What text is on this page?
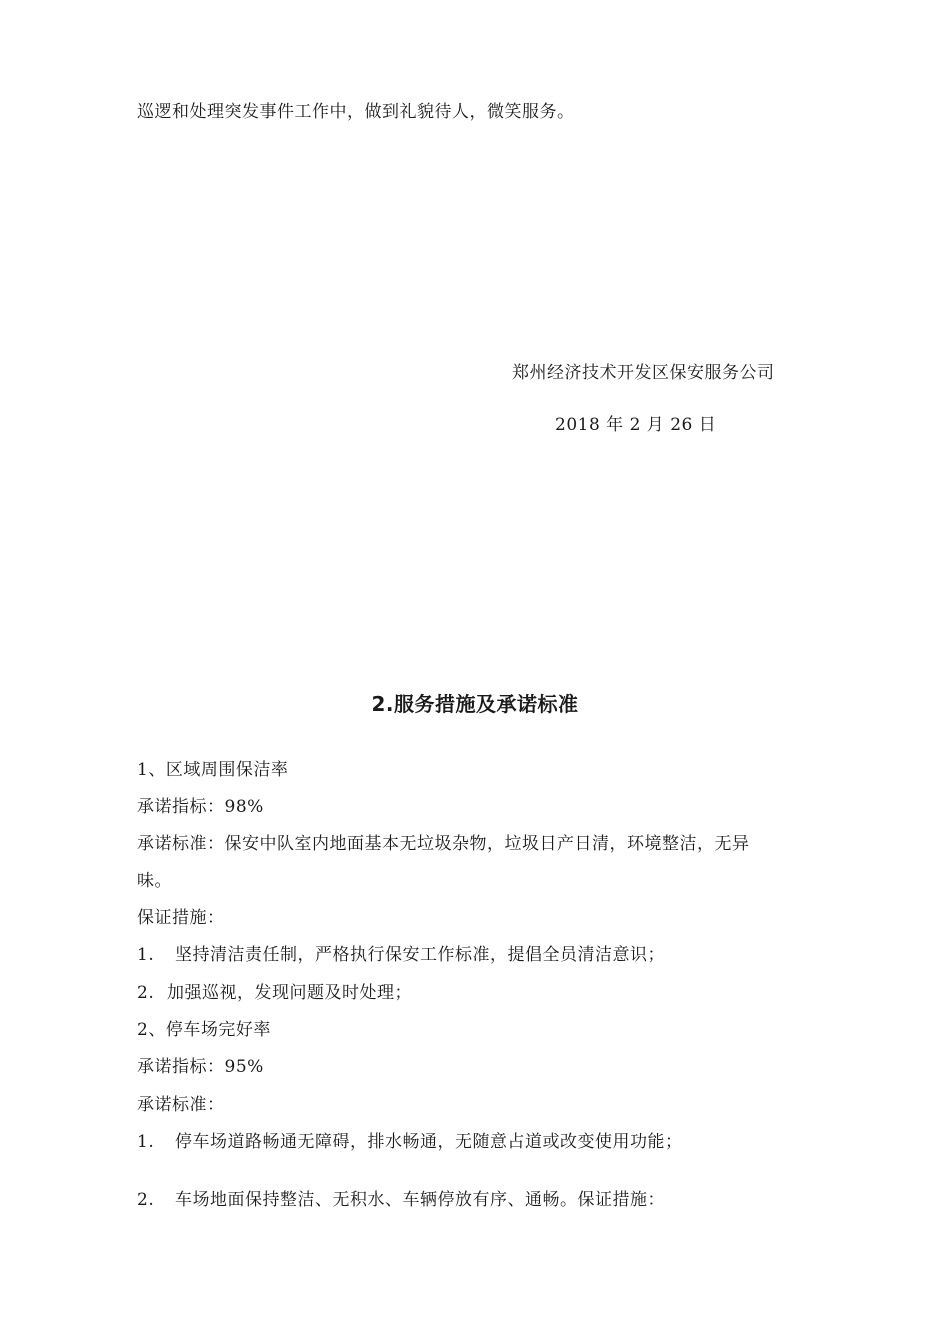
巡逻和处理突发事件工作中，做到礼貌待人，微笑服务。
郑州经济技术开发区保安服务公司
2018 年 2 月 26 日
2.服务措施及承诺标准
1、区域周围保洁率
承诺指标：98%
承诺标准：保安中队室内地面基本无垃圾杂物，垃圾日产日清，环境整洁，无异
味。
保证措施：
1. 坚持清洁责任制，严格执行保安工作标准，提倡全员清洁意识；
2. 加强巡视，发现问题及时处理；
2、停车场完好率
承诺指标：95%
承诺标准：
1. 停车场道路畅通无障碍，排水畅通，无随意占道或改变使用功能；
2. 车场地面保持整洁、无积水、车辆停放有序、通畅。保证措施：
